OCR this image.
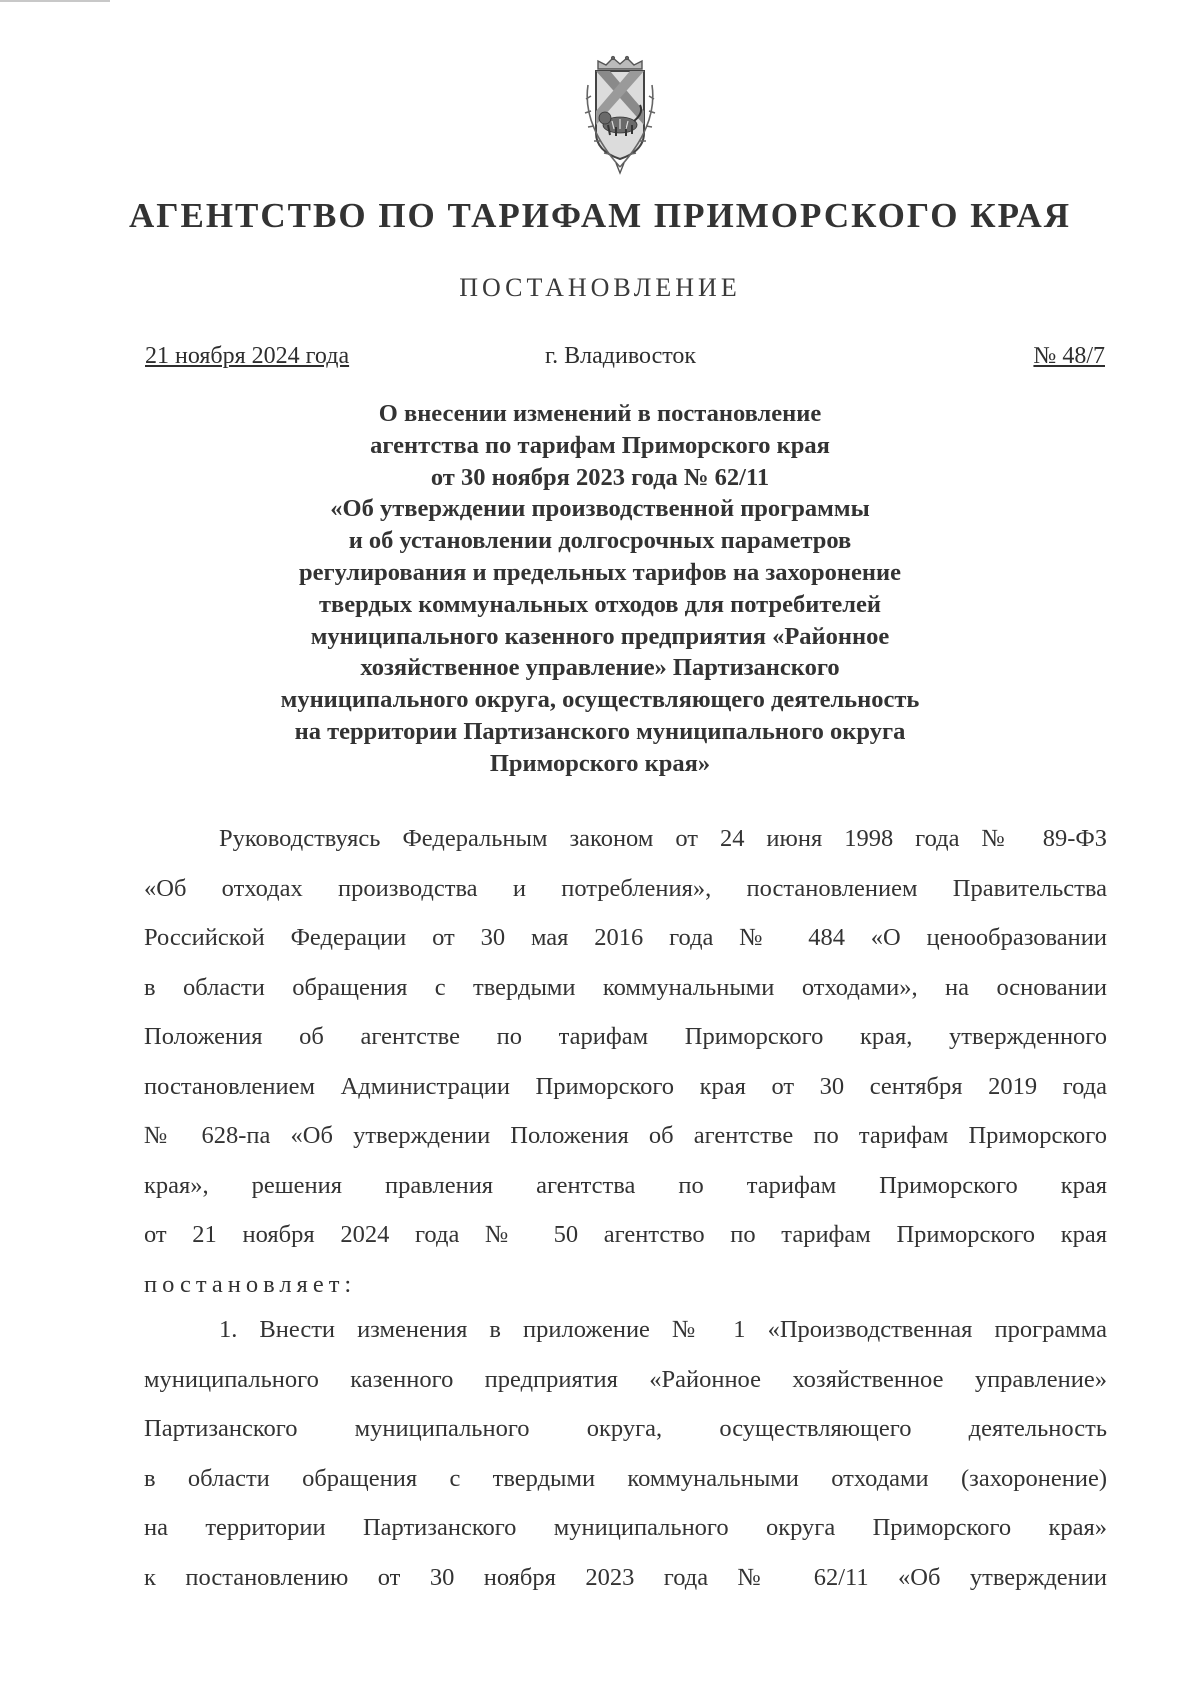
АГЕНТСТВО ПО ТАРИФАМ ПРИМОРСКОГО КРАЯ
ПОСТАНОВЛЕНИЕ
21 ноября 2024 года	г. Владивосток	№ 48/7
О внесении изменений в постановление
агентства по тарифам Приморского края
от 30 ноября 2023 года № 62/11
«Об утверждении производственной программы
и об установлении долгосрочных параметров
регулирования и предельных тарифов на захоронение
твердых коммунальных отходов для потребителей
муниципального казенного предприятия «Районное
хозяйственное управление» Партизанского
муниципального округа, осуществляющего деятельность
на территории Партизанского муниципального округа
Приморского края»
Руководствуясь Федеральным законом от 24 июня 1998 года № 89-ФЗ
«Об отходах производства и потребления», постановлением Правительства
Российской Федерации от 30 мая 2016 года № 484 «О ценообразовании
в области обращения с твердыми коммунальными отходами», на основании
Положения об агентстве по тарифам Приморского края, утвержденного
постановлением Администрации Приморского края от 30 сентября 2019 года
№ 628-па «Об утверждении Положения об агентстве по тарифам Приморского
края», решения правления агентства по тарифам Приморского края
от 21 ноября 2024 года № 50 агентство по тарифам Приморского края
постановляет:
1. Внести изменения в приложение № 1 «Производственная программа
муниципального казенного предприятия «Районное хозяйственное управление»
Партизанского муниципального округа, осуществляющего деятельность
в области обращения с твердыми коммунальными отходами (захоронение)
на территории Партизанского муниципального округа Приморского края»
к постановлению от 30 ноября 2023 года № 62/11 «Об утверждении
